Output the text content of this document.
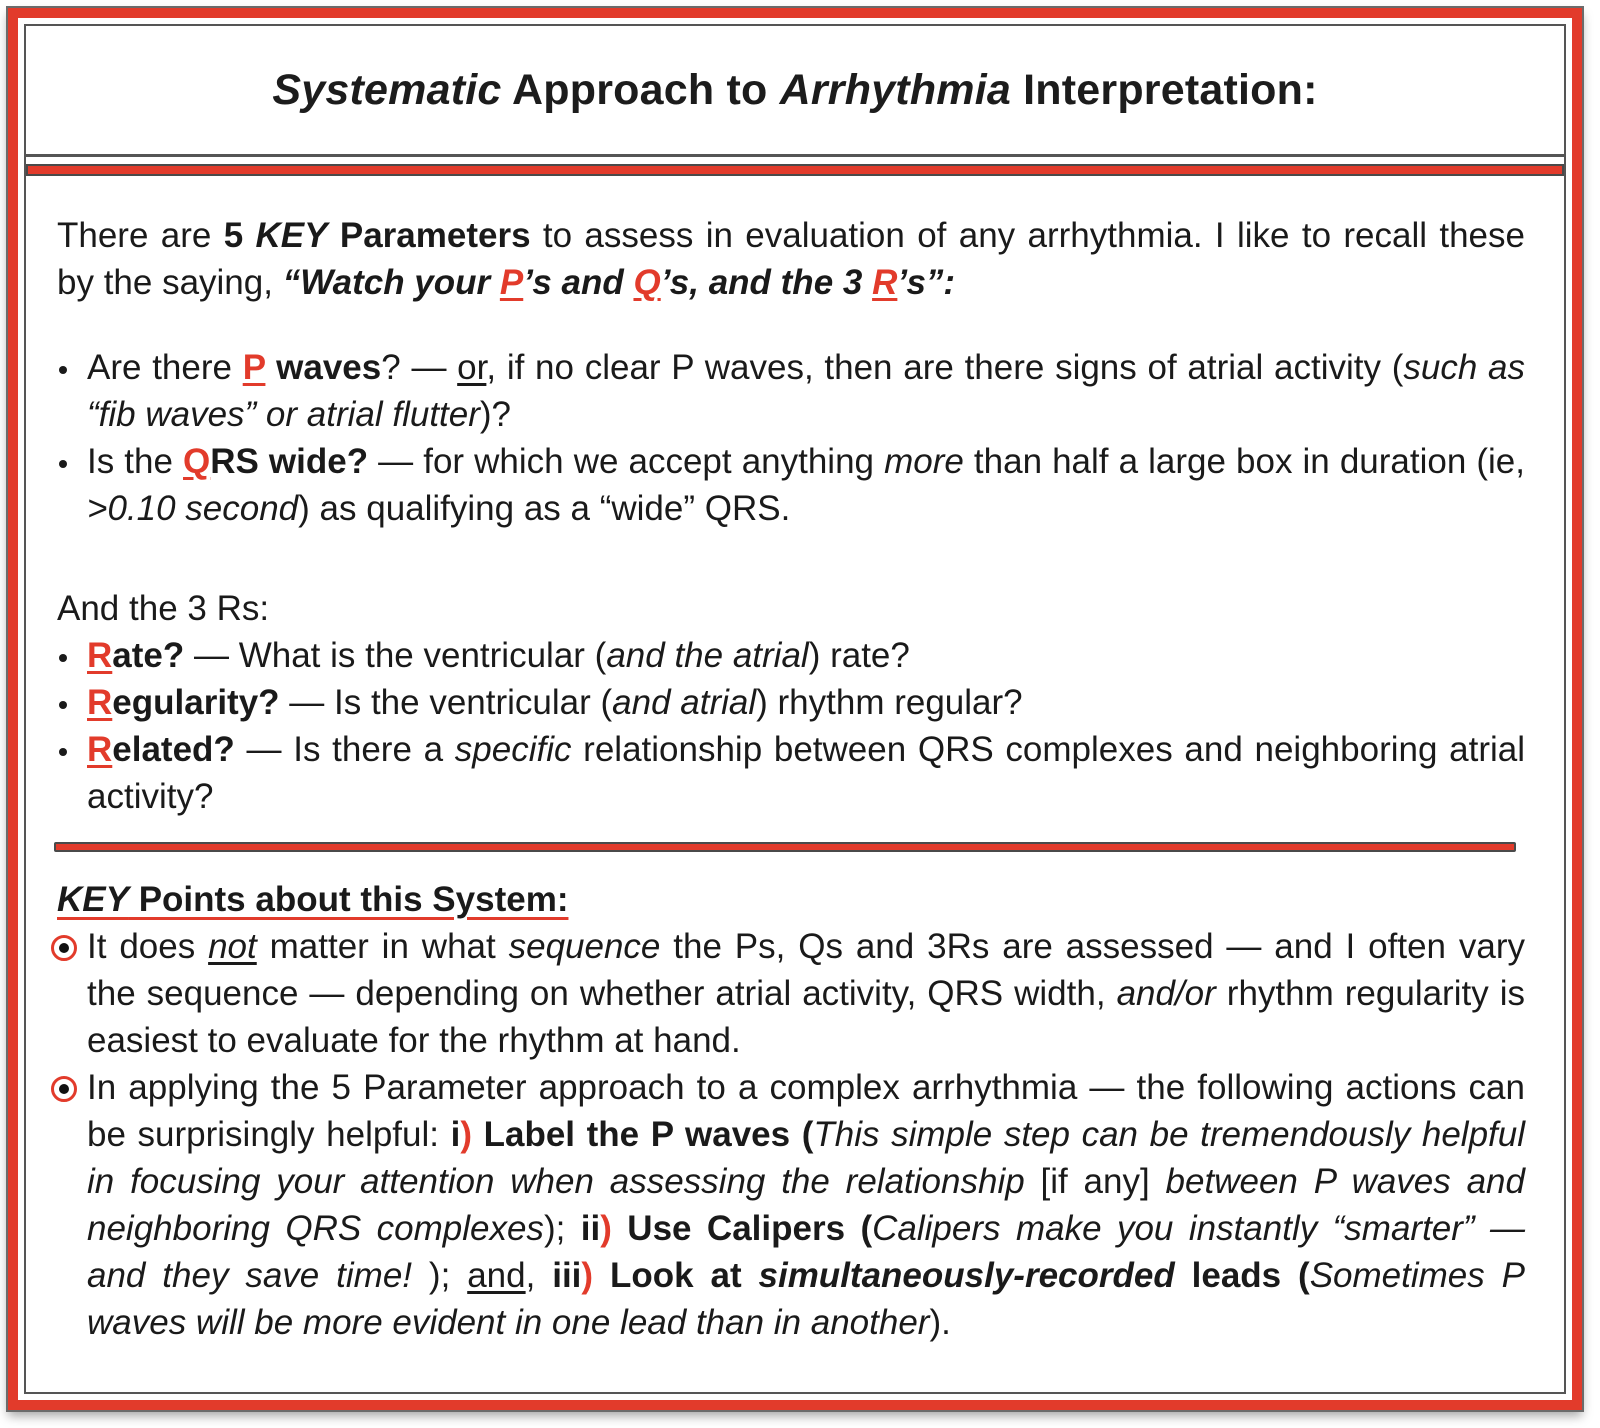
Systematic Approach to Arrhythmia Interpretation:

There are 5 KEY Parameters to assess in evaluation of any arrhythmia. I like to recall these by the saying, “Watch your P’s and Q’s, and the 3 R’s”:

Are there P waves? — or, if no clear P waves, then are there signs of atrial activity (such as “fib waves” or atrial flutter)?
Is the QRS wide? — for which we accept anything more than half a large box in duration (ie, >0.10 second) as qualifying as a “wide” QRS.

And the 3 Rs:

Rate? — What is the ventricular (and the atrial) rate?
Regularity? — Is the ventricular (and atrial) rhythm regular?
Related? — Is there a specific relationship between QRS complexes and neighboring atrial activity?
KEY Points about this System:
It does not matter in what sequence the Ps, Qs and 3Rs are assessed — and I often vary the sequence — depending on whether atrial activity, QRS width, and/or rhythm regularity is easiest to evaluate for the rhythm at hand.
In applying the 5 Parameter approach to a complex arrhythmia — the following actions can be surprisingly helpful: i) Label the P waves (This simple step can be tremendously helpful in focusing your attention when assessing the relationship [if any] between P waves and neighboring QRS complexes); ii) Use Calipers (Calipers make you instantly “smarter” — and they save time! ); and, iii) Look at simultaneously-recorded leads (Sometimes P waves will be more evident in one lead than in another).
